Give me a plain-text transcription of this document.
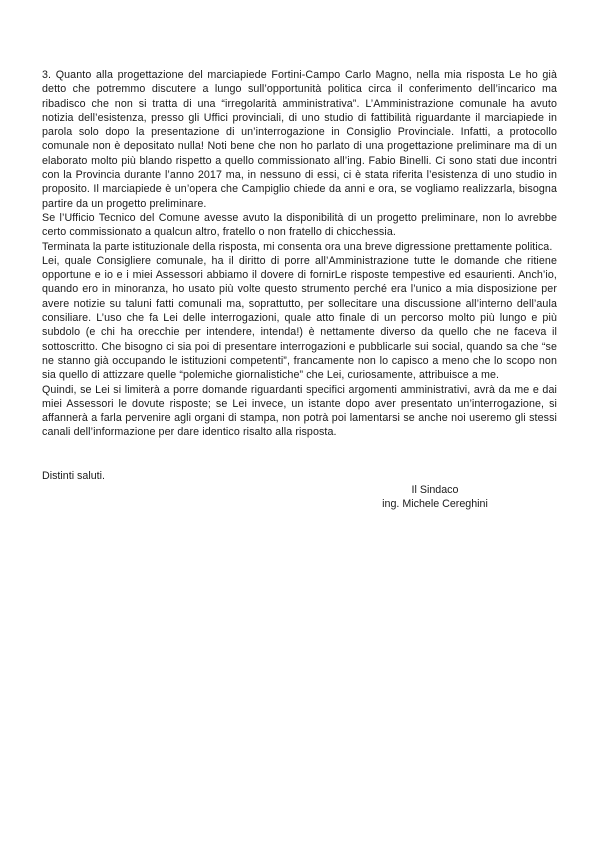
3. Quanto alla progettazione del marciapiede Fortini-Campo Carlo Magno, nella mia risposta Le ho già detto che potremmo discutere a lungo sull’opportunità politica circa il conferimento dell’incarico ma ribadisco che non si tratta di una “irregolarità amministrativa”. L’Amministrazione comunale ha avuto notizia dell’esistenza, presso gli Uffici provinciali, di uno studio di fattibilità riguardante il marciapiede in parola solo dopo la presentazione di un’interrogazione in Consiglio Provinciale. Infatti, a protocollo comunale non è depositato nulla! Noti bene che non ho parlato di una progettazione preliminare ma di un elaborato molto più blando rispetto a quello commissionato all’ing. Fabio Binelli. Ci sono stati due incontri con la Provincia durante l’anno 2017 ma, in nessuno di essi, ci è stata riferita l’esistenza di uno studio in proposito. Il marciapiede è un’opera che Campiglio chiede da anni e ora, se vogliamo realizzarla, bisogna partire da un progetto preliminare.

Se l’Ufficio Tecnico del Comune avesse avuto la disponibilità di un progetto preliminare, non lo avrebbe certo commissionato a qualcun altro, fratello o non fratello di chicchessia.

Terminata la parte istituzionale della risposta, mi consenta ora una breve digressione prettamente politica.

Lei, quale Consigliere comunale, ha il diritto di porre all’Amministrazione tutte le domande che ritiene opportune e io e i miei Assessori abbiamo il dovere di fornirLe risposte tempestive ed esaurienti. Anch’io, quando ero in minoranza, ho usato più volte questo strumento perché era l’unico a mia disposizione per avere notizie su taluni fatti comunali ma, soprattutto, per sollecitare una discussione all’interno dell’aula consiliare. L’uso che fa Lei delle interrogazioni, quale atto finale di un percorso molto più lungo e più subdolo (e chi ha orecchie per intendere, intenda!) è nettamente diverso da quello che ne faceva il sottoscritto. Che bisogno ci sia poi di presentare interrogazioni e pubblicarle sui social, quando sa che “se ne stanno già occupando le istituzioni competenti”, francamente non lo capisco a meno che lo scopo non sia quello di attizzare quelle “polemiche giornalistiche” che Lei, curiosamente, attribuisce a me.

Quindi, se Lei si limiterà a porre domande riguardanti specifici argomenti amministrativi, avrà da me e dai miei Assessori le dovute risposte; se Lei invece, un istante dopo aver presentato un’interrogazione, si affannerà a farla pervenire agli organi di stampa, non potrà poi lamentarsi se anche noi useremo gli stessi canali dell’informazione per dare identico risalto alla risposta.

Distinti saluti.

Il Sindaco
ing. Michele Cereghini
